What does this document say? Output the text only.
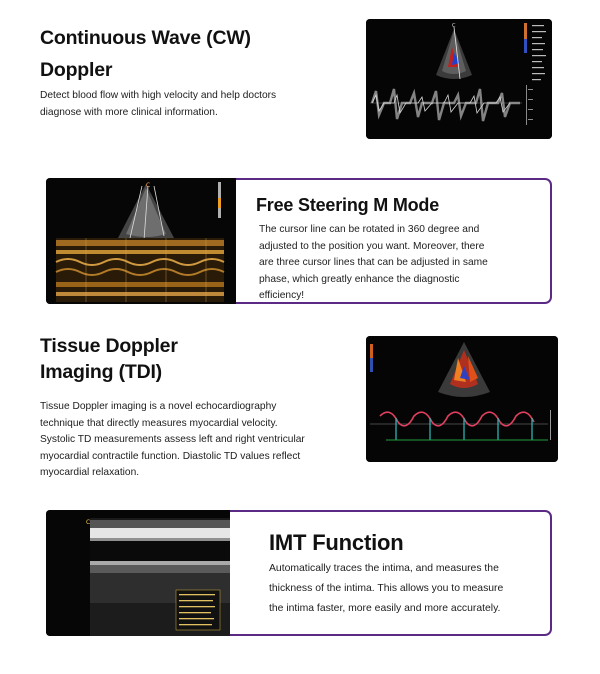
Continuous Wave (CW)
Doppler
Detect blood flow with high velocity and help doctors
diagnose with more clinical information.
C
C
Free Steering M Mode
The cursor line can be rotated in 360 degree and
adjusted to the position you want. Moreover, there
are three cursor lines that can be adjusted in same
phase, which greatly enhance the diagnostic
efficiency!
Tissue Doppler
Imaging (TDI)
Tissue Doppler imaging is a novel echocardiography
technique that directly measures myocardial velocity.
Systolic TD measurements assess left and right ventricular
myocardial contractile function. Diastolic TD values reflect
myocardial relaxation.
C
IMT Function
Automatically traces the intima, and measures the
thickness of the intima. This allows you to measure
the intima faster, more easily and more accurately.
